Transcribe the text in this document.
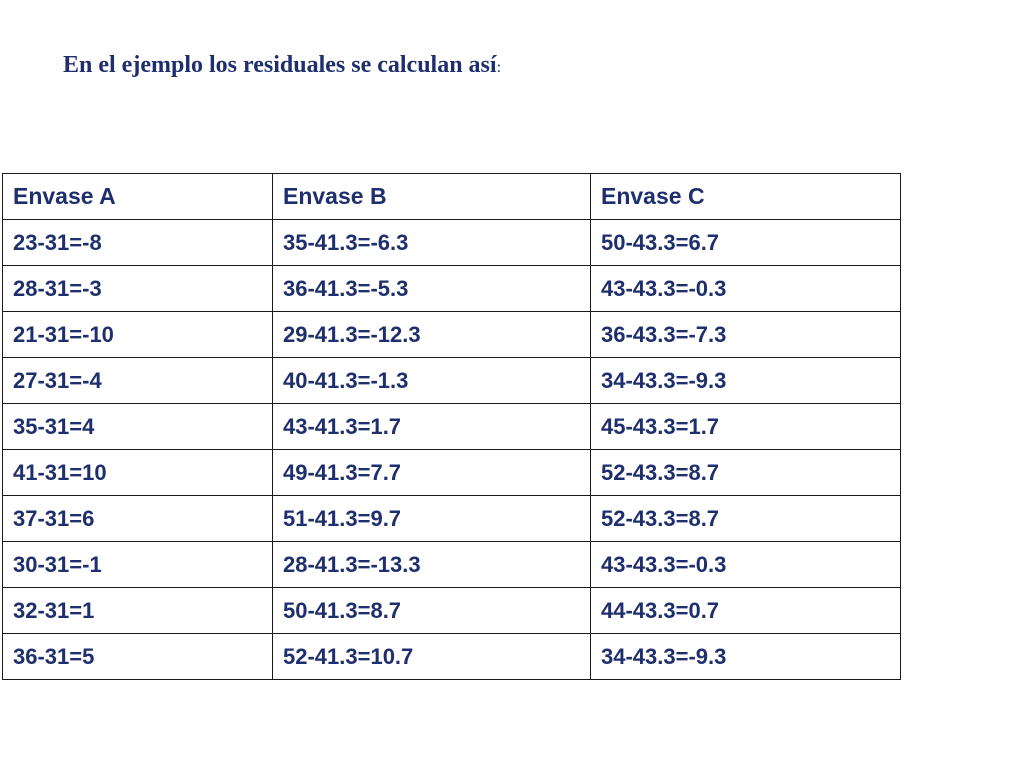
En el ejemplo los residuales se calculan así:
Envase A	Envase B	Envase C
23-31=-8	35-41.3=-6.3	50-43.3=6.7
28-31=-3	36-41.3=-5.3	43-43.3=-0.3
21-31=-10	29-41.3=-12.3	36-43.3=-7.3
27-31=-4	40-41.3=-1.3	34-43.3=-9.3
35-31=4	43-41.3=1.7	45-43.3=1.7
41-31=10	49-41.3=7.7	52-43.3=8.7
37-31=6	51-41.3=9.7	52-43.3=8.7
30-31=-1	28-41.3=-13.3	43-43.3=-0.3
32-31=1	50-41.3=8.7	44-43.3=0.7
36-31=5	52-41.3=10.7	34-43.3=-9.3
